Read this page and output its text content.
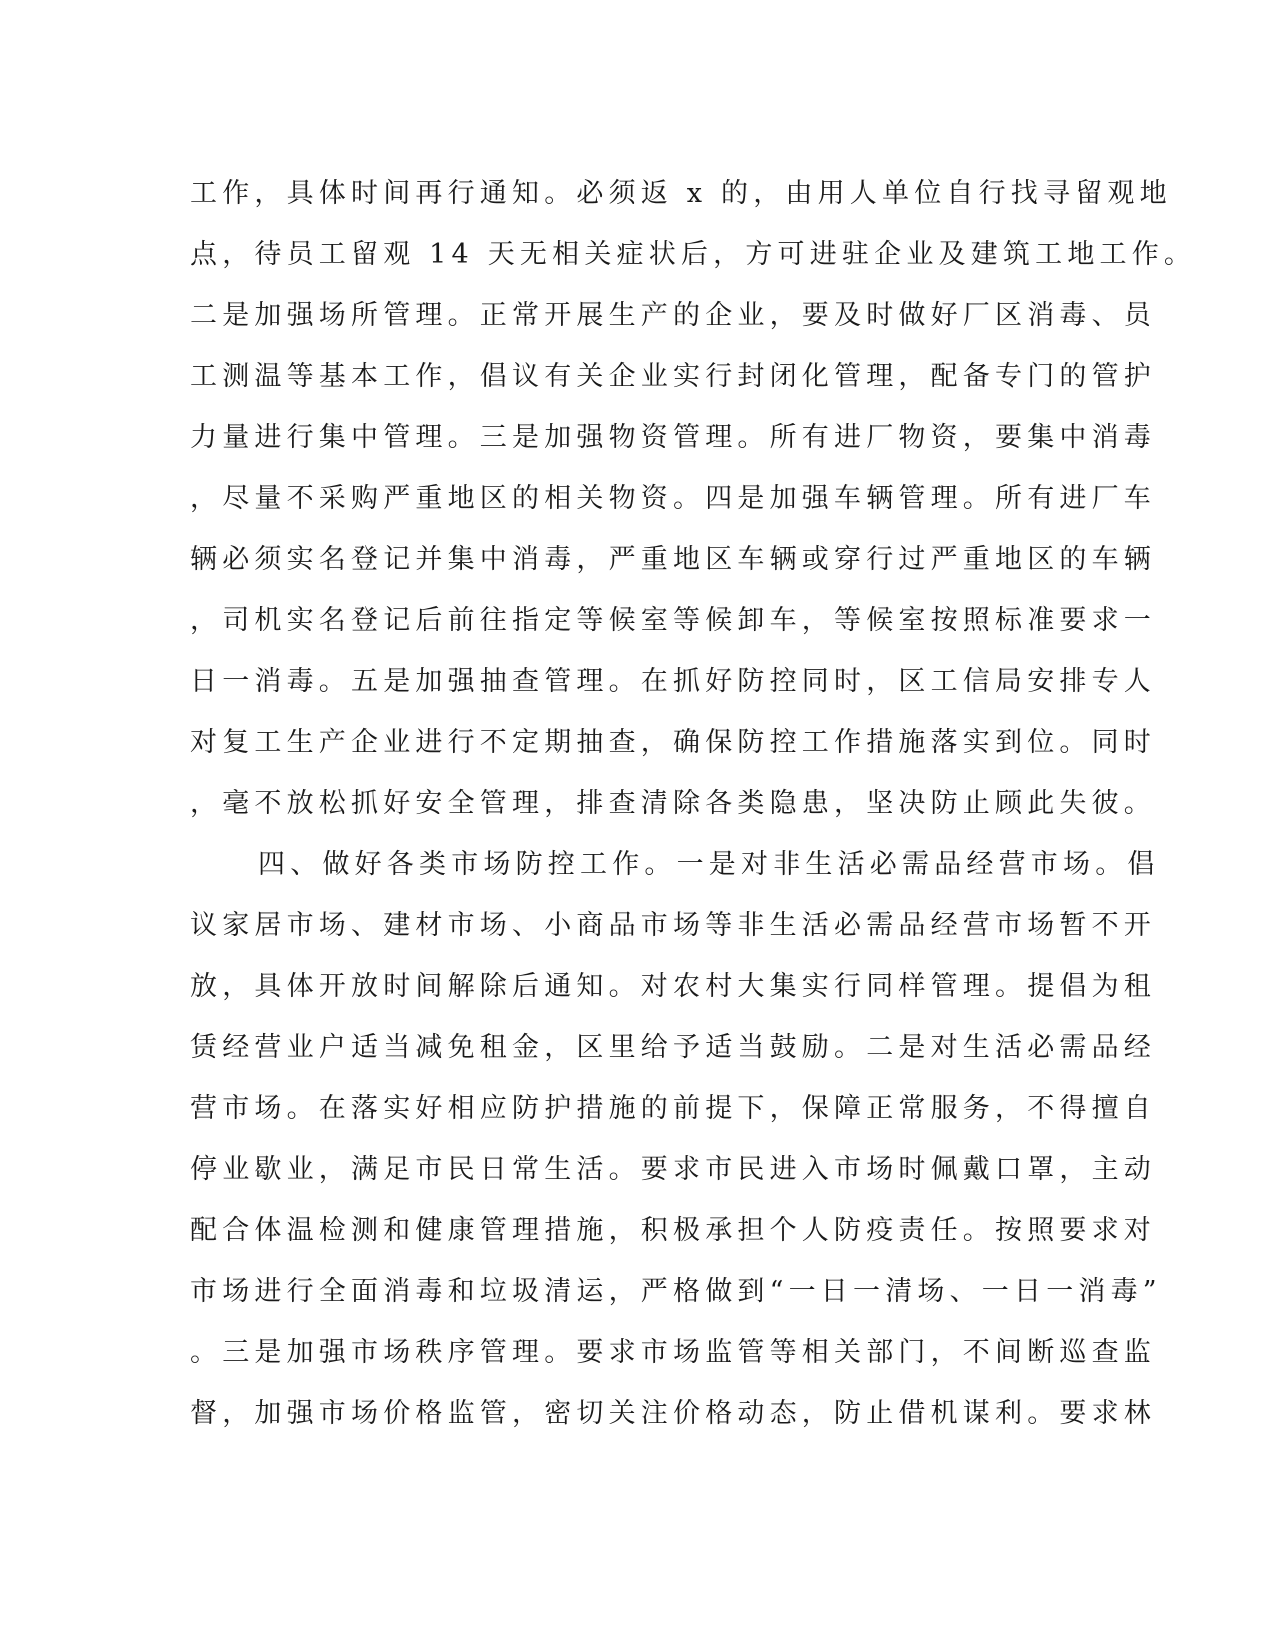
工作，具体时间再行通知。必须返 x 的，由用人单位自行找寻留观地
点，待员工留观 14 天无相关症状后，方可进驻企业及建筑工地工作。
二是加强场所管理。正常开展生产的企业，要及时做好厂区消毒、员
工测温等基本工作，倡议有关企业实行封闭化管理，配备专门的管护
力量进行集中管理。三是加强物资管理。所有进厂物资，要集中消毒
，尽量不采购严重地区的相关物资。四是加强车辆管理。所有进厂车
辆必须实名登记并集中消毒，严重地区车辆或穿行过严重地区的车辆
，司机实名登记后前往指定等候室等候卸车，等候室按照标准要求一
日一消毒。五是加强抽查管理。在抓好防控同时，区工信局安排专人
对复工生产企业进行不定期抽查，确保防控工作措施落实到位。同时
，毫不放松抓好安全管理，排查清除各类隐患，坚决防止顾此失彼。
四、做好各类市场防控工作。一是对非生活必需品经营市场。倡
议家居市场、建材市场、小商品市场等非生活必需品经营市场暂不开
放，具体开放时间解除后通知。对农村大集实行同样管理。提倡为租
赁经营业户适当减免租金，区里给予适当鼓励。二是对生活必需品经
营市场。在落实好相应防护措施的前提下，保障正常服务，不得擅自
停业歇业，满足市民日常生活。要求市民进入市场时佩戴口罩，主动
配合体温检测和健康管理措施，积极承担个人防疫责任。按照要求对
市场进行全面消毒和垃圾清运，严格做到“一日一清场、一日一消毒”
。三是加强市场秩序管理。要求市场监管等相关部门，不间断巡查监
督，加强市场价格监管，密切关注价格动态，防止借机谋利。要求林
